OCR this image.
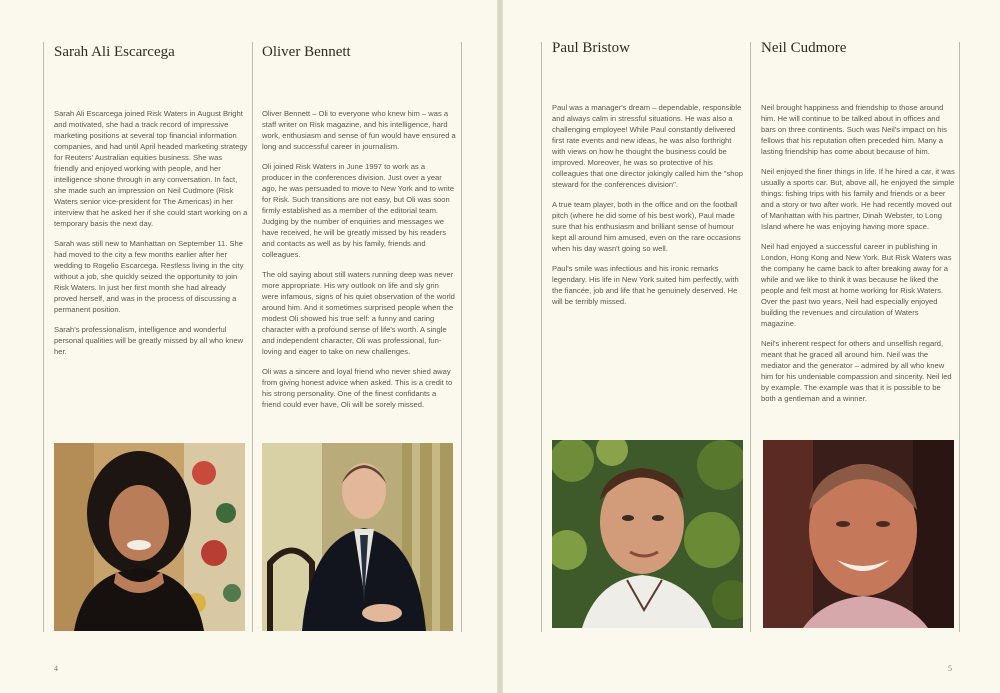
Sarah Ali Escarcega

Sarah Ali Escarcega joined Risk Waters in August Bright and motivated, she had a track record of impressive marketing positions at several top financial information companies, and had until April headed marketing strategy for Reuters' Australian equities business. She was friendly and enjoyed working with people, and her intelligence shone through in any conversation. In fact, she made such an impression on Neil Cudmore (Risk Waters senior vice-president for The Americas) in her interview that he asked her if she could start working on a temporary basis the next day.

Sarah was still new to Manhattan on September 11. She had moved to the city a few months earlier after her wedding to Rogelio Escarcega. Restless living in the city without a job, she quickly seized the opportunity to join Risk Waters. In just her first month she had already proved herself, and was in the process of discussing a permanent position.

Sarah's professionalism, intelligence and wonderful personal qualities will be greatly missed by all who knew her.

Oliver Bennett

Oliver Bennett – Oli to everyone who knew him – was a staff writer on Risk magazine, and his intelligence, hard work, enthusiasm and sense of fun would have ensured a long and successful career in journalism.

Oli joined Risk Waters in June 1997 to work as a producer in the conferences division. Just over a year ago, he was persuaded to move to New York and to write for Risk. Such transitions are not easy, but Oli was soon firmly established as a member of the editorial team. Judging by the number of enquiries and messages we have received, he will be greatly missed by his readers and contacts as well as by his family, friends and colleagues.

The old saying about still waters running deep was never more appropriate. His wry outlook on life and sly grin were infamous, signs of his quiet observation of the world around him. And it sometimes surprised people when the modest Oli showed his true self: a funny and caring character with a profound sense of life's worth. A single and independent character, Oli was professional, fun-loving and eager to take on new challenges.

Oli was a sincere and loyal friend who never shied away from giving honest advice when asked. This is a credit to his strong personality. One of the finest confidants a friend could ever have, Oli will be sorely missed.

4
Paul Bristow

Paul was a manager's dream – dependable, responsible and always calm in stressful situations. He was also a challenging employee! While Paul constantly delivered first rate events and new ideas, he was also forthright with views on how he thought the business could be improved. Moreover, he was so protective of his colleagues that one director jokingly called him the "shop steward for the conferences division".

A true team player, both in the office and on the football pitch (where he did some of his best work), Paul made sure that his enthusiasm and brilliant sense of humour kept all around him amused, even on the rare occasions when his day wasn't going so well.

Paul's smile was infectious and his ironic remarks legendary. His life in New York suited him perfectly, with the fiancée, job and life that he genuinely deserved. He will be terribly missed.

Neil Cudmore

Neil brought happiness and friendship to those around him. He will continue to be talked about in offices and bars on three continents. Such was Neil's impact on his fellows that his reputation often preceded him. Many a lasting friendship has come about because of him.

Neil enjoyed the finer things in life. If he hired a car, it was usually a sports car. But, above all, he enjoyed the simple things: fishing trips with his family and friends or a beer and a story or two after work. He had recently moved out of Manhattan with his partner, Dinah Webster, to Long Island where he was enjoying having more space.

Neil had enjoyed a successful career in publishing in London, Hong Kong and New York. But Risk Waters was the company he came back to after breaking away for a while and we like to think it was because he liked the people and felt most at home working for Risk Waters. Over the past two years, Neil had especially enjoyed building the revenues and circulation of Waters magazine.

Neil's inherent respect for others and unselfish regard, meant that he graced all around him. Neil was the mediator and the generator – admired by all who knew him for his undeniable compassion and sincerity. Neil led by example. The example was that it is possible to be both a gentleman and a winner.

5
